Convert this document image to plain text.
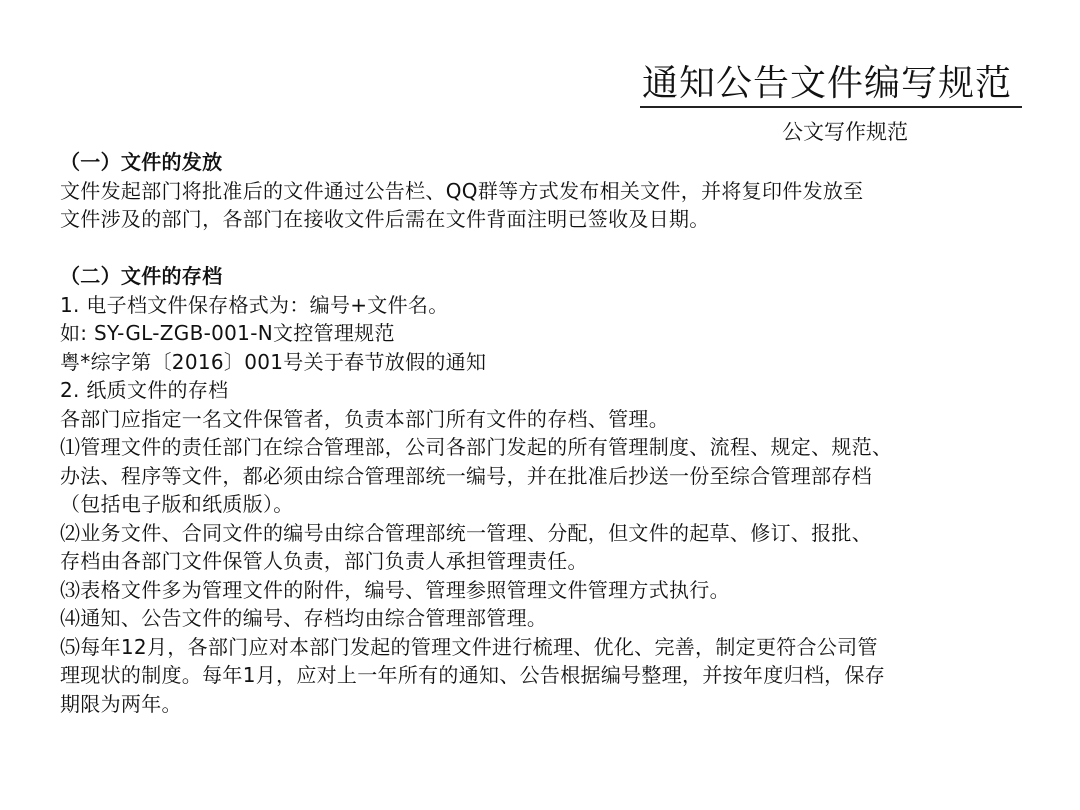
通知公告文件编写规范
公文写作规范
（一）文件的发放
文件发起部门将批准后的文件通过公告栏、QQ群等方式发布相关文件，并将复印件发放至
文件涉及的部门，各部门在接收文件后需在文件背面注明已签收及日期。
（二）文件的存档
1. 电子档文件保存格式为：编号+文件名。
如: SY-GL-ZGB-001-N文控管理规范
粤*综字第〔2016〕001号关于春节放假的通知
2. 纸质文件的存档
各部门应指定一名文件保管者，负责本部门所有文件的存档、管理。
⑴管理文件的责任部门在综合管理部，公司各部门发起的所有管理制度、流程、规定、规范、
办法、程序等文件，都必须由综合管理部统一编号，并在批准后抄送一份至综合管理部存档
（包括电子版和纸质版）。
⑵业务文件、合同文件的编号由综合管理部统一管理、分配，但文件的起草、修订、报批、
存档由各部门文件保管人负责，部门负责人承担管理责任。
⑶表格文件多为管理文件的附件，编号、管理参照管理文件管理方式执行。
⑷通知、公告文件的编号、存档均由综合管理部管理。
⑸每年12月，各部门应对本部门发起的管理文件进行梳理、优化、完善，制定更符合公司管
理现状的制度。每年1月，应对上一年所有的通知、公告根据编号整理，并按年度归档，保存
期限为两年。
